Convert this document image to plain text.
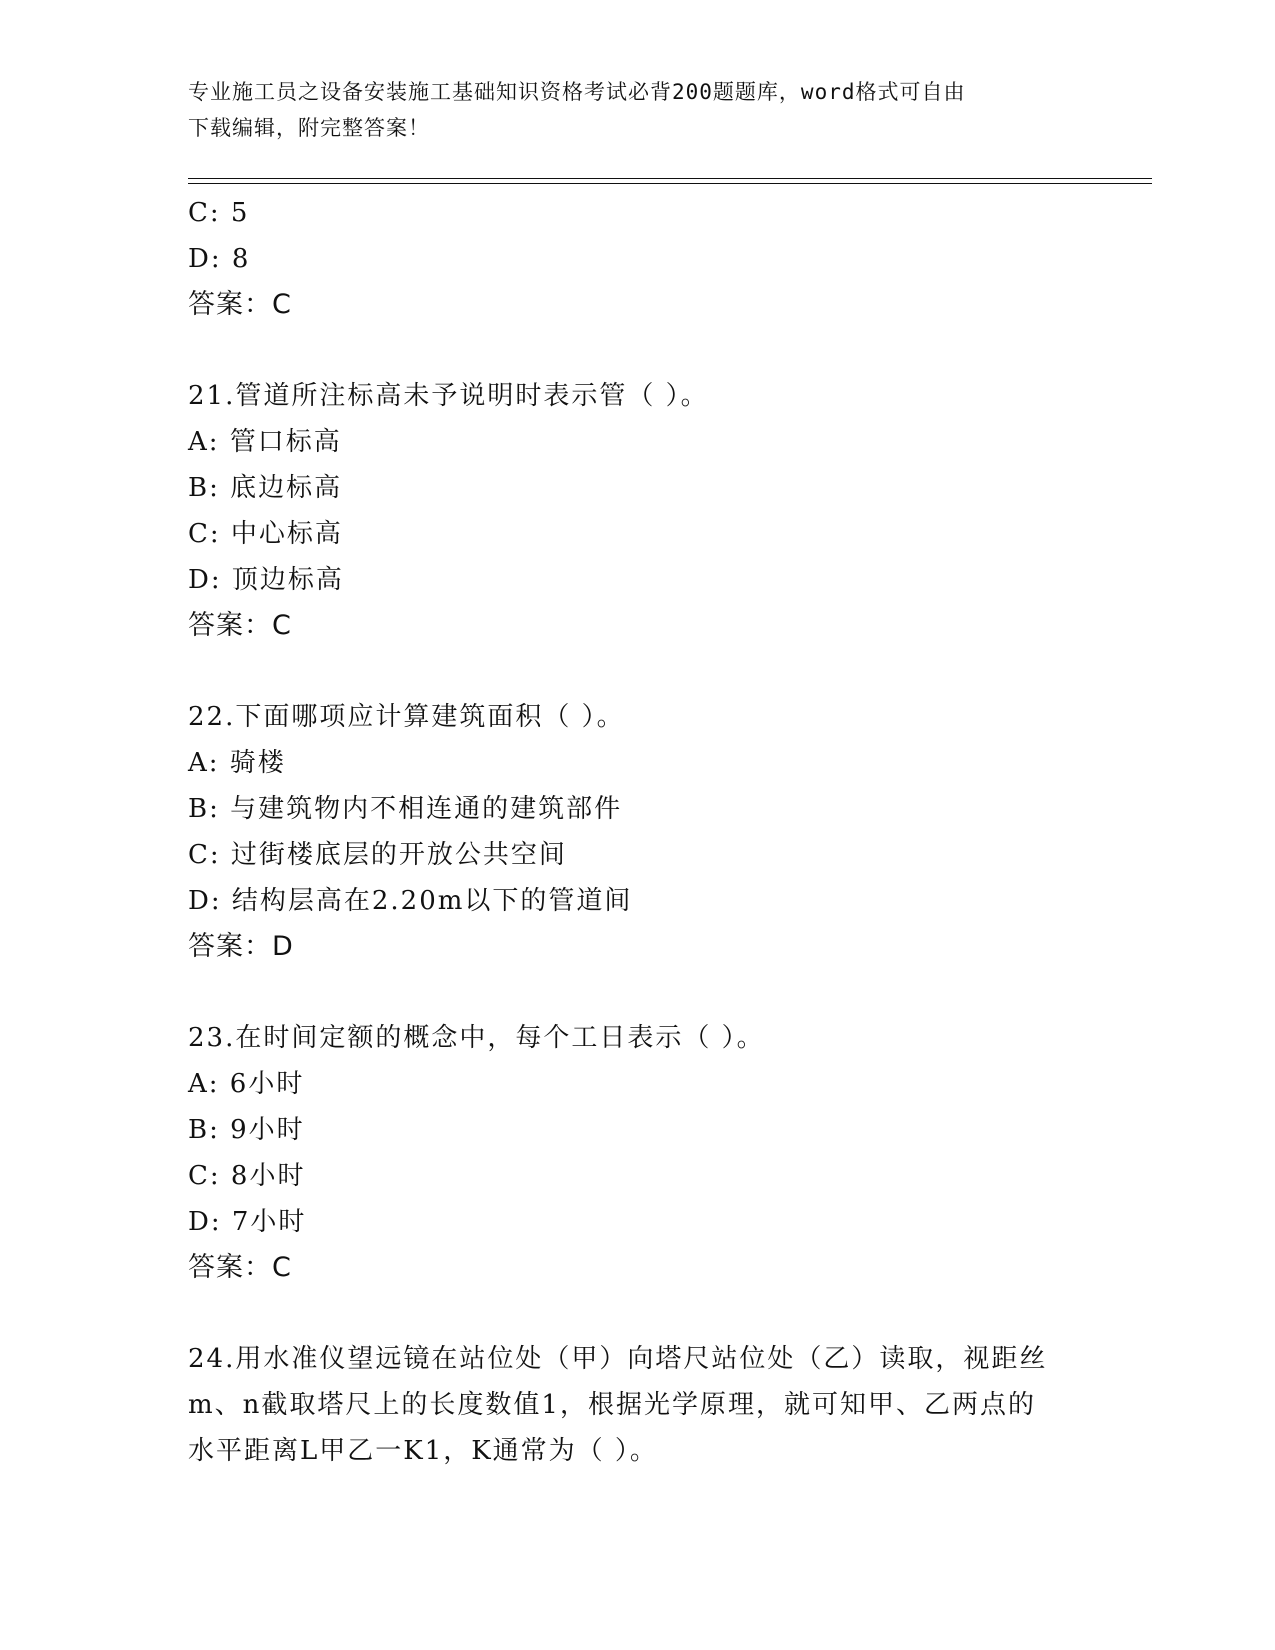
专业施工员之设备安装施工基础知识资格考试必背200题题库，word格式可自由
下载编辑，附完整答案！
C: 5
D: 8
答案：C
21.管道所注标高未予说明时表示管（ ）。
A: 管口标高
B: 底边标高
C: 中心标高
D: 顶边标高
答案：C
22.下面哪项应计算建筑面积（ ）。
A: 骑楼
B: 与建筑物内不相连通的建筑部件
C: 过街楼底层的开放公共空间
D: 结构层高在2.20m以下的管道间
答案：D
23.在时间定额的概念中，每个工日表示（ ）。
A: 6小时
B: 9小时
C: 8小时
D: 7小时
答案：C
24.用水准仪望远镜在站位处（甲）向塔尺站位处（乙）读取，视距丝
m、n截取塔尺上的长度数值1，根据光学原理，就可知甲、乙两点的
水平距离L甲乙一K1，K通常为（ ）。
